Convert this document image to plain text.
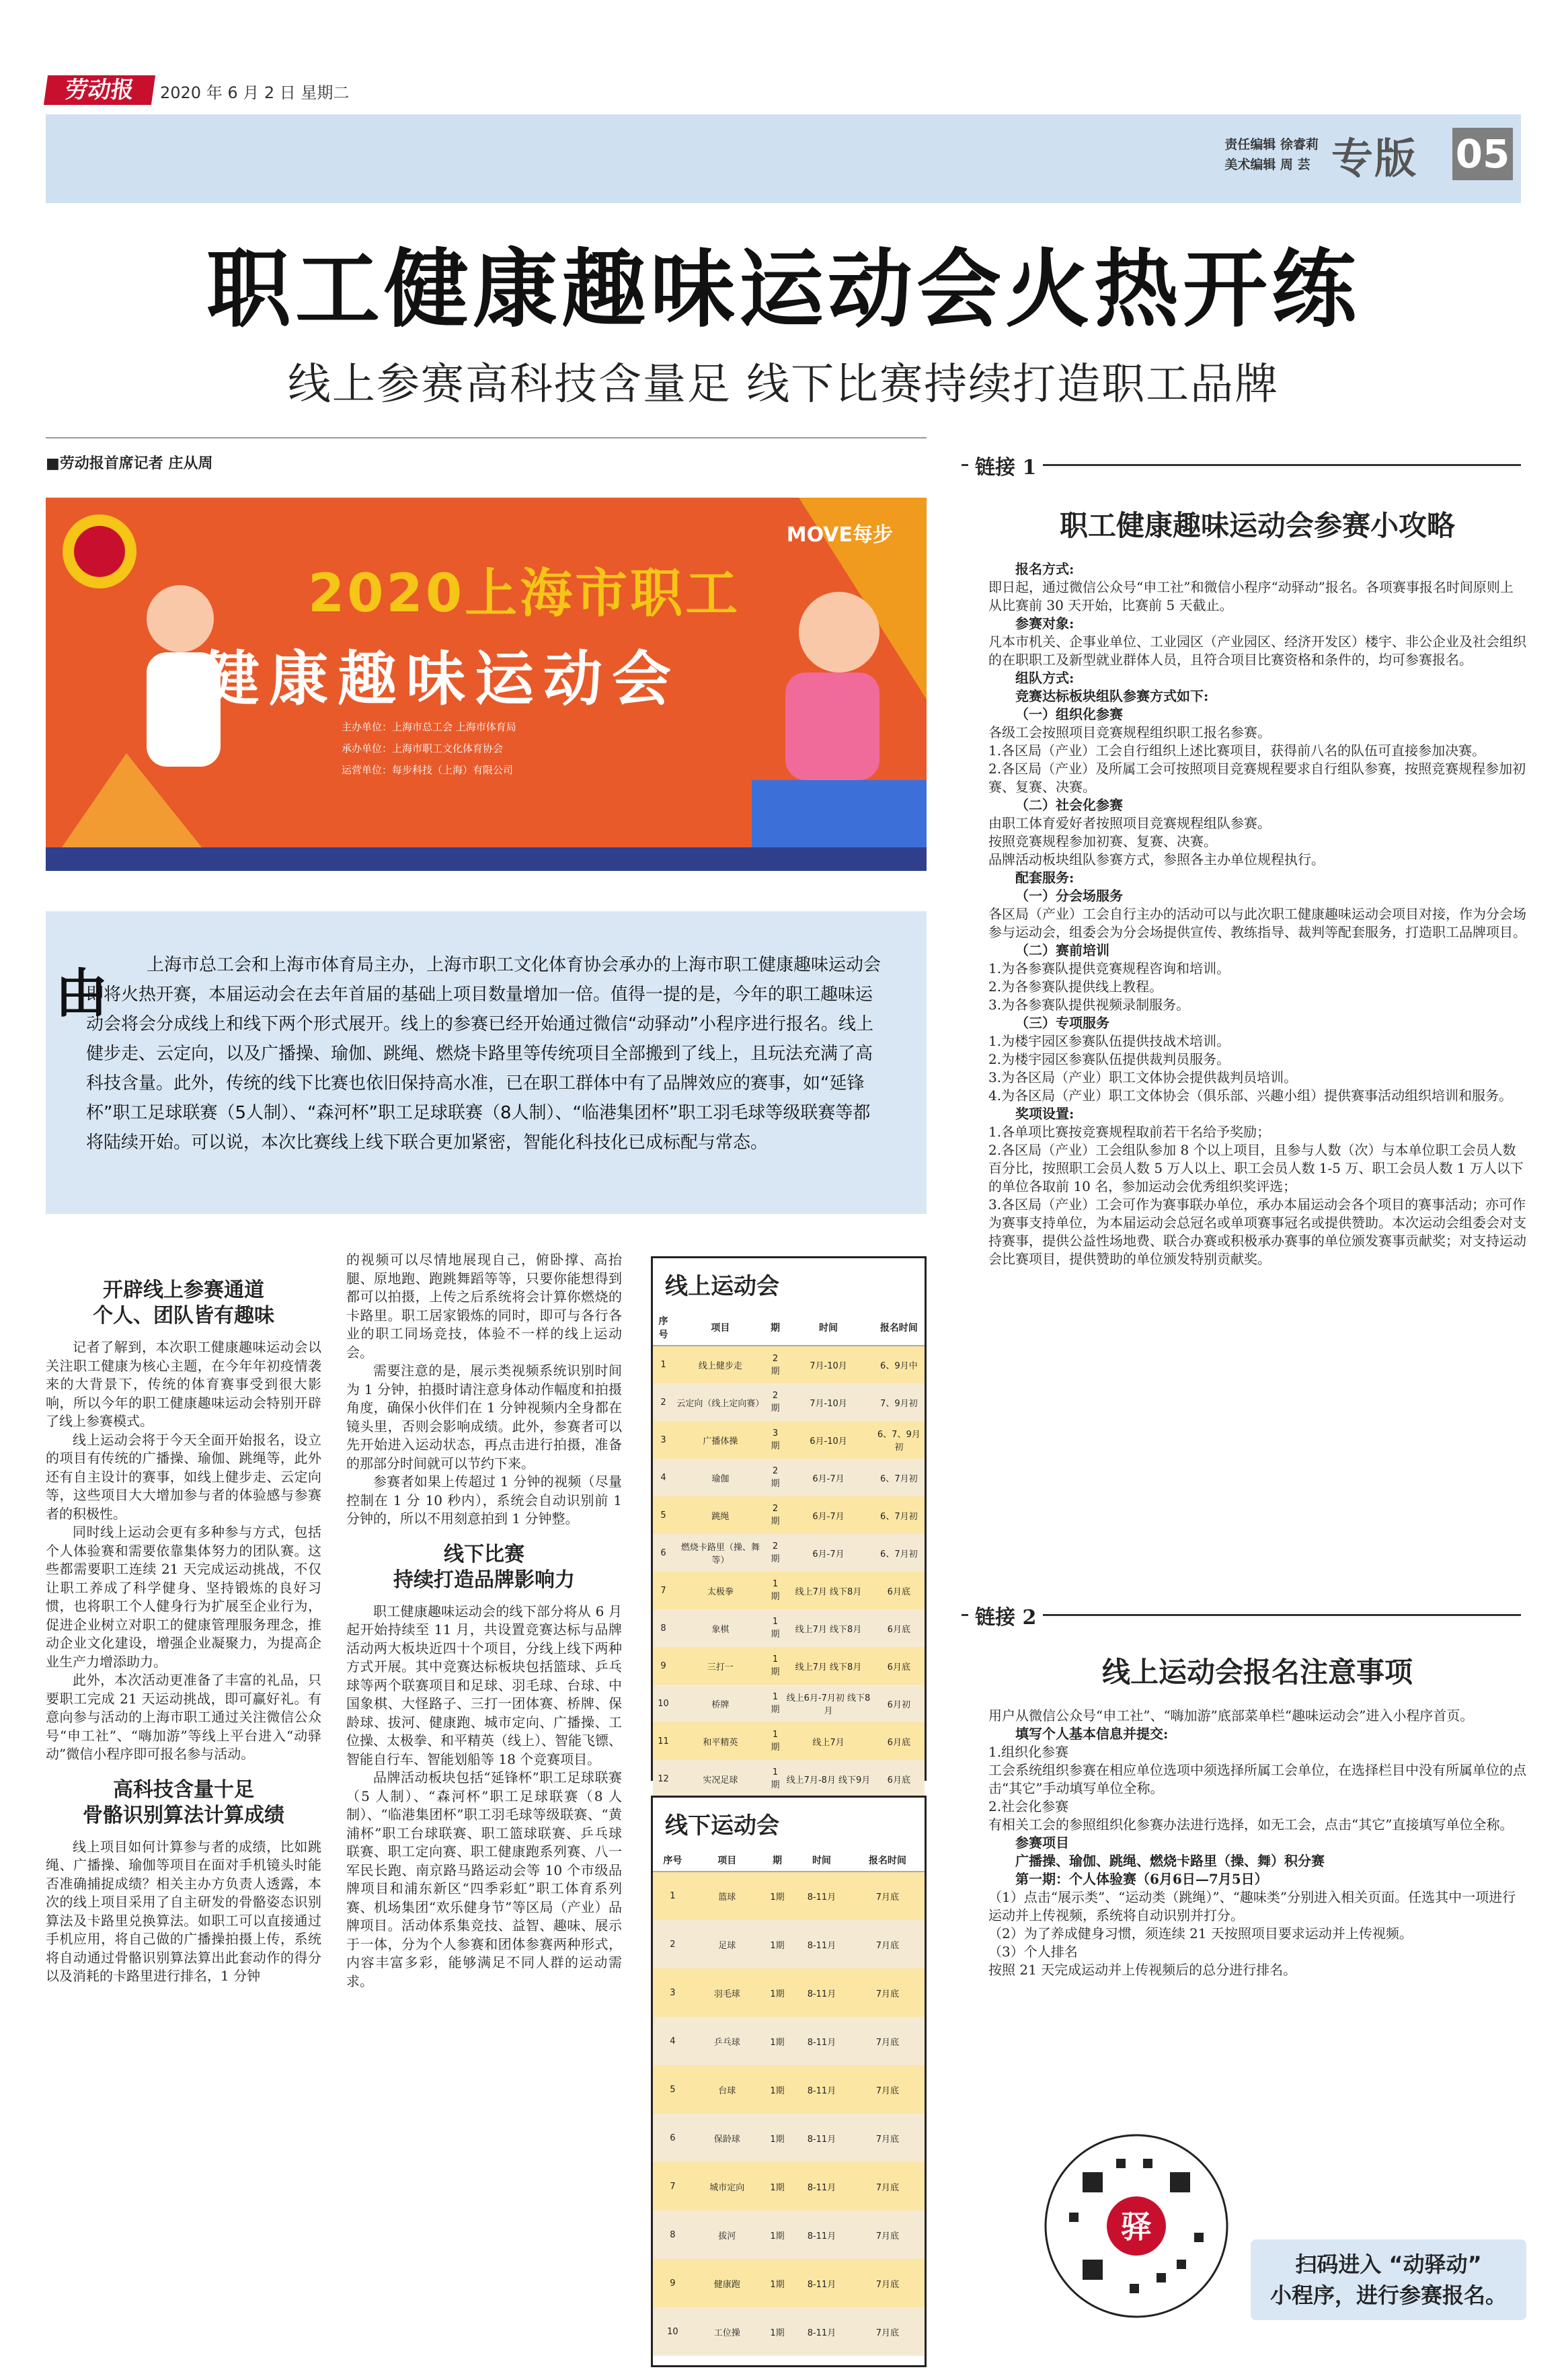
劳动报	2020 年 6 月 2 日 星期二
责任编辑 徐睿莉
美术编辑 周 芸 专版 05
职工健康趣味运动会火热开练
线上参赛高科技含量足 线下比赛持续打造职工品牌
■劳动报首席记者 庄从周
MOVE每步
2020上海市职工
健康趣味运动会
主办单位：上海市总工会 上海市体育局
承办单位：上海市职工文化体育协会
运营单位：每步科技（上海）有限公司

上海市总工会和上海市体育局主办，上海市职工文化体育协会承办的上海市职工健康趣味运动会即将火热开赛，本届运动会在去年首届的基础上项目数量增加一倍。值得一提的是，今年的职工趣味运动会将会分成线上和线下两个形式展开。线上的参赛已经开始通过微信“动驿动”小程序进行报名。线上健步走、云定向，以及广播操、瑜伽、跳绳、燃烧卡路里等传统项目全部搬到了线上，且玩法充满了高科技含量。此外，传统的线下比赛也依旧保持高水准，已在职工群体中有了品牌效应的赛事，如“延锋杯”职工足球联赛（5人制）、“森河杯”职工足球联赛（8人制）、“临港集团杯”职工羽毛球等级联赛等都将陆续开始。可以说，本次比赛线上线下联合更加紧密，智能化科技化已成标配与常态。

由
开辟线上参赛通道
个人、团队皆有趣味

记者了解到，本次职工健康趣味运动会以关注职工健康为核心主题，在今年年初疫情袭来的大背景下，传统的体育赛事受到很大影响，所以今年的职工健康趣味运动会特别开辟了线上参赛模式。

线上运动会将于今天全面开始报名，设立的项目有传统的广播操、瑜伽、跳绳等，此外还有自主设计的赛事，如线上健步走、云定向等，这些项目大大增加参与者的体验感与参赛者的积极性。

同时线上运动会更有多种参与方式，包括个人体验赛和需要依靠集体努力的团队赛。这些都需要职工连续 21 天完成运动挑战，不仅让职工养成了科学健身、坚持锻炼的良好习惯，也将职工个人健身行为扩展至企业行为，促进企业树立对职工的健康管理服务理念，推动企业文化建设，增强企业凝聚力，为提高企业生产力增添助力。

此外，本次活动更准备了丰富的礼品，只要职工完成 21 天运动挑战，即可赢好礼。有意向参与活动的上海市职工通过关注微信公众号“申工社”、“嗨加游”等线上平台进入“动驿动”微信小程序即可报名参与活动。

高科技含量十足
骨骼识别算法计算成绩

线上项目如何计算参与者的成绩，比如跳绳、广播操、瑜伽等项目在面对手机镜头时能否准确捕捉成绩？相关主办方负责人透露，本次的线上项目采用了自主研发的骨骼姿态识别算法及卡路里兑换算法。如职工可以直接通过手机应用，将自己做的广播操拍摄上传，系统将自动通过骨骼识别算法算出此套动作的得分以及消耗的卡路里进行排名，1 分钟

的视频可以尽情地展现自己，俯卧撑、高抬腿、原地跑、跑跳舞蹈等等，只要你能想得到都可以拍摄，上传之后系统将会计算你燃烧的卡路里。职工居家锻炼的同时，即可与各行各业的职工同场竞技，体验不一样的线上运动会。

需要注意的是，展示类视频系统识别时间为 1 分钟，拍摄时请注意身体动作幅度和拍摄角度，确保小伙伴们在 1 分钟视频内全身都在镜头里，否则会影响成绩。此外，参赛者可以先开始进入运动状态，再点击进行拍摄，准备的那部分时间就可以节约下来。

参赛者如果上传超过 1 分钟的视频（尽量控制在 1 分 10 秒内），系统会自动识别前 1 分钟的，所以不用刻意拍到 1 分钟整。

线下比赛
持续打造品牌影响力

职工健康趣味运动会的线下部分将从 6 月起开始持续至 11 月，共设置竞赛达标与品牌活动两大板块近四十个项目，分线上线下两种方式开展。其中竞赛达标板块包括篮球、乒乓球等两个联赛项目和足球、羽毛球、台球、中国象棋、大怪路子、三打一团体赛、桥牌、保龄球、拔河、健康跑、城市定向、广播操、工位操、太极拳、和平精英（线上）、智能飞镖、智能自行车、智能划船等 18 个竞赛项目。

品牌活动板块包括“延锋杯”职工足球联赛（5 人制）、“森河杯”职工足球联赛（8 人制）、“临港集团杯”职工羽毛球等级联赛、“黄浦杯”职工台球联赛、职工篮球联赛、乒乓球联赛、职工定向赛、职工健康跑系列赛、八一军民长跑、南京路马路运动会等 10 个市级品牌项目和浦东新区“四季彩虹”职工体育系列赛、机场集团“欢乐健身节”等区局（产业）品牌项目。活动体系集竞技、益智、趣味、展示于一体，分为个人参赛和团体参赛两种形式，内容丰富多彩，能够满足不同人群的运动需求。

线上运动会
序号	项目	期	时间	报名时间
1	线上健步走	2期	7月-10月	6、9月中
2	云定向（线上定向赛）	2期	7月-10月	7、9月初
3	广播体操	3期	6月-10月	6、7、9月初
4	瑜伽	2期	6月-7月	6、7月初
5	跳绳	2期	6月-7月	6、7月初
6	燃烧卡路里（操、舞等）	2期	6月-7月	6、7月初
7	太极拳	1期	线上7月 线下8月	6月底
8	象棋	1期	线上7月 线下8月	6月底
9	三打一	1期	线上7月 线下8月	6月底
10	桥牌	1期	线上6月-7月初 线下8月	6月初
11	和平精英	1期	线上7月	6月底
12	实况足球	1期	线上7月-8月 线下9月	6月底
线下运动会
序号	项目	期	时间	报名时间
1	篮球	1期	8-11月	7月底
2	足球	1期	8-11月	7月底
3	羽毛球	1期	8-11月	7月底
4	乒乓球	1期	8-11月	7月底
5	台球	1期	8-11月	7月底
6	保龄球	1期	8-11月	7月底
7	城市定向	1期	8-11月	7月底
8	拔河	1期	8-11月	7月底
9	健康跑	1期	8-11月	7月底
10	工位操	1期	8-11月	7月底
链接 1
职工健康趣味运动会参赛小攻略

报名方式:

即日起，通过微信公众号“申工社”和微信小程序“动驿动”报名。各项赛事报名时间原则上从比赛前 30 天开始，比赛前 5 天截止。

参赛对象:

凡本市机关、企事业单位、工业园区（产业园区、经济开发区）楼宇、非公企业及社会组织的在职职工及新型就业群体人员，且符合项目比赛资格和条件的，均可参赛报名。

组队方式:

竞赛达标板块组队参赛方式如下:

（一）组织化参赛

各级工会按照项目竞赛规程组织职工报名参赛。

1.各区局（产业）工会自行组织上述比赛项目，获得前八名的队伍可直接参加决赛。

2.各区局（产业）及所属工会可按照项目竞赛规程要求自行组队参赛，按照竞赛规程参加初赛、复赛、决赛。

（二）社会化参赛

由职工体育爱好者按照项目竞赛规程组队参赛。

按照竞赛规程参加初赛、复赛、决赛。

品牌活动板块组队参赛方式，参照各主办单位规程执行。

配套服务:

（一）分会场服务

各区局（产业）工会自行主办的活动可以与此次职工健康趣味运动会项目对接，作为分会场参与运动会，组委会为分会场提供宣传、教练指导、裁判等配套服务，打造职工品牌项目。

（二）赛前培训

1.为各参赛队提供竞赛规程咨询和培训。

2.为各参赛队提供线上教程。

3.为各参赛队提供视频录制服务。

（三）专项服务

1.为楼宇园区参赛队伍提供技战术培训。

2.为楼宇园区参赛队伍提供裁判员服务。

3.为各区局（产业）职工文体协会提供裁判员培训。

4.为各区局（产业）职工文体协会（俱乐部、兴趣小组）提供赛事活动组织培训和服务。

奖项设置:

1.各单项比赛按竞赛规程取前若干名给予奖励；

2.各区局（产业）工会组队参加 8 个以上项目，且参与人数（次）与本单位职工会员人数百分比，按照职工会员人数 5 万人以上、职工会员人数 1-5 万、职工会员人数 1 万人以下的单位各取前 10 名，参加运动会优秀组织奖评选；

3.各区局（产业）工会可作为赛事联办单位，承办本届运动会各个项目的赛事活动；亦可作为赛事支持单位，为本届运动会总冠名或单项赛事冠名或提供赞助。本次运动会组委会对支持赛事，提供公益性场地费、联合办赛或积极承办赛事的单位颁发赛事贡献奖；对支持运动会比赛项目，提供赞助的单位颁发特别贡献奖。

链接 2
线上运动会报名注意事项

用户从微信公众号“申工社”、“嗨加游”底部菜单栏“趣味运动会”进入小程序首页。

填写个人基本信息并提交:

1.组织化参赛

工会系统组织参赛在相应单位选项中须选择所属工会单位，在选择栏目中没有所属单位的点击“其它”手动填写单位全称。

2.社会化参赛

有相关工会的参照组织化参赛办法进行选择，如无工会，点击“其它”直接填写单位全称。

参赛项目

广播操、瑜伽、跳绳、燃烧卡路里（操、舞）积分赛

第一期：个人体验赛（6月6日—7月5日）

（1）点击“展示类”、“运动类（跳绳）”、“趣味类”分别进入相关页面。任选其中一项进行运动并上传视频，系统将自动识别并打分。

（2）为了养成健身习惯，须连续 21 天按照项目要求运动并上传视频。

（3）个人排名

按照 21 天完成运动并上传视频后的总分进行排名。

驿
扫码进入 “动驿动”
小程序，进行参赛报名。
